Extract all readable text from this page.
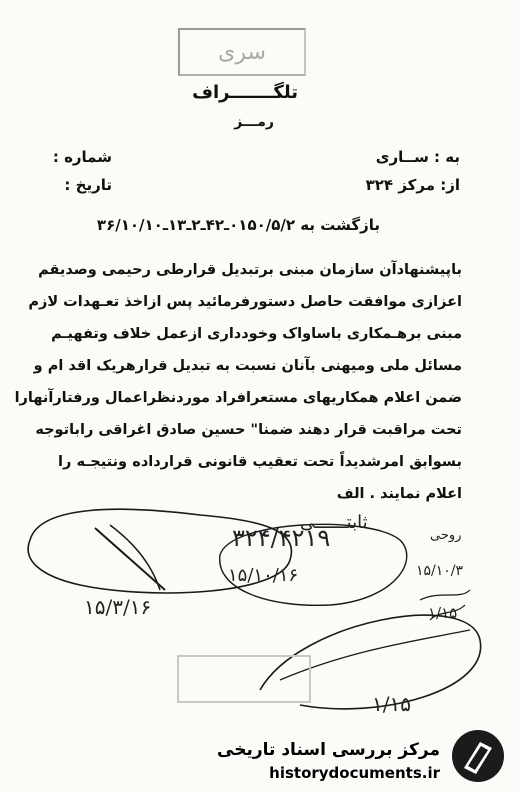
سری
تلگـــــــراف
رمـــز
به : ســاری
شماره :
از: مرکز ۳۲۴
تاریخ :
بازگشت به ۰۱۵۰/۵/۲ـ۴۲ـ۲ـ۱۳ـ۳۶/۱۰/۱۰
باپیشنهادآن سازمان مبنی برتبدیل قرارطی رحیمی وصدیقم
اعزازی موافقت حاصل دستورفرمائید پس ازاخذ تعـهدات لازم
مبنی برهـمکاری باساواک وخودداری ازعمل خلاف وتفهیـم
مسائل ملی ومیهنی بآنان نسبت به تبدیل قرارهریک اقد ام و
ضمن اعلام همکاریهای مستعرافراد موردنظراعمال ورفتارآنهارا
تحت مراقبت قرار دهند ضمنا" حسین صادق اغراقی راباتوجه
بسوابق امرشدیداً تحت تعقیب قانونی قرارداده ونتیجـه را
اعلام نمایند . الف
ثابتــــــی
۳۲۴/۴۲۱۹
۱۵/۱۰/۱۶
۱۵/۳/۱۶
روحی
۱۵/۱۰/۳
۱/۱۵
۱/۱۵
مرکز بررسی اسناد تاریخی
historydocuments.ir
